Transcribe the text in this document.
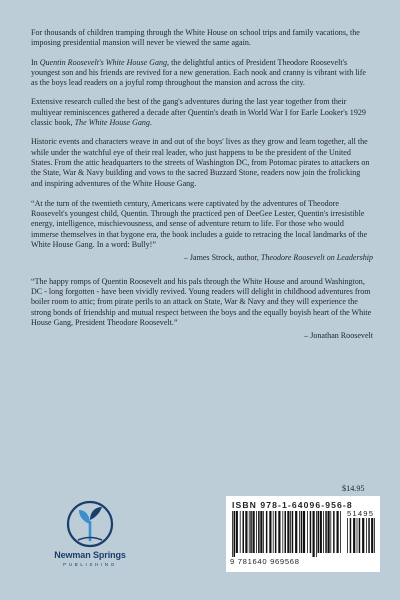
For thousands of children tramping through the White House on school trips and family vacations, the imposing presidential mansion will never be viewed the same again.

In Quentin Roosevelt's White House Gang, the delightful antics of President Theodore Roosevelt's youngest son and his friends are revived for a new generation. Each nook and cranny is vibrant with life as the boys lead readers on a joyful romp throughout the mansion and across the city.

Extensive research culled the best of the gang's adventures during the last year together from their multiyear reminiscences gathered a decade after Quentin's death in World War I for Earle Looker's 1929 classic book, The White House Gang.

Historic events and characters weave in and out of the boys' lives as they grow and learn together, all the while under the watchful eye of their real leader, who just happens to be the president of the United States. From the attic headquarters to the streets of Washington DC, from Potomac pirates to attackers on the State, War & Navy building and vows to the sacred Buzzard Stone, readers now join the frolicking and inspiring adventures of the White House Gang.

“At the turn of the twentieth century, Americans were captivated by the adventures of Theodore Roosevelt's youngest child, Quentin. Through the practiced pen of DeeGee Lester, Quentin's irresistible energy, intelligence, mischievousness, and sense of adventure return to life. For those who would immerse themselves in that bygone era, the book includes a guide to retracing the local landmarks of the White House Gang. In a word: Bully!”

– James Strock, author, Theodore Roosevelt on Leadership

“The happy romps of Quentin Roosevelt and his pals through the White House and around Washington, DC - long forgotten - have been vividly revived. Young readers will delight in childhood adventures from boiler room to attic; from pirate perils to an attack on State, War & Navy and they will experience the strong bonds of friendship and mutual respect between the boys and the equally boyish heart of the White House Gang, President Theodore Roosevelt.”

– Jonathan Roosevelt
$14.95
ISBN 978-1-64096-956-8
9 781640 969568
51495
Newman Springs
PUBLISHING
